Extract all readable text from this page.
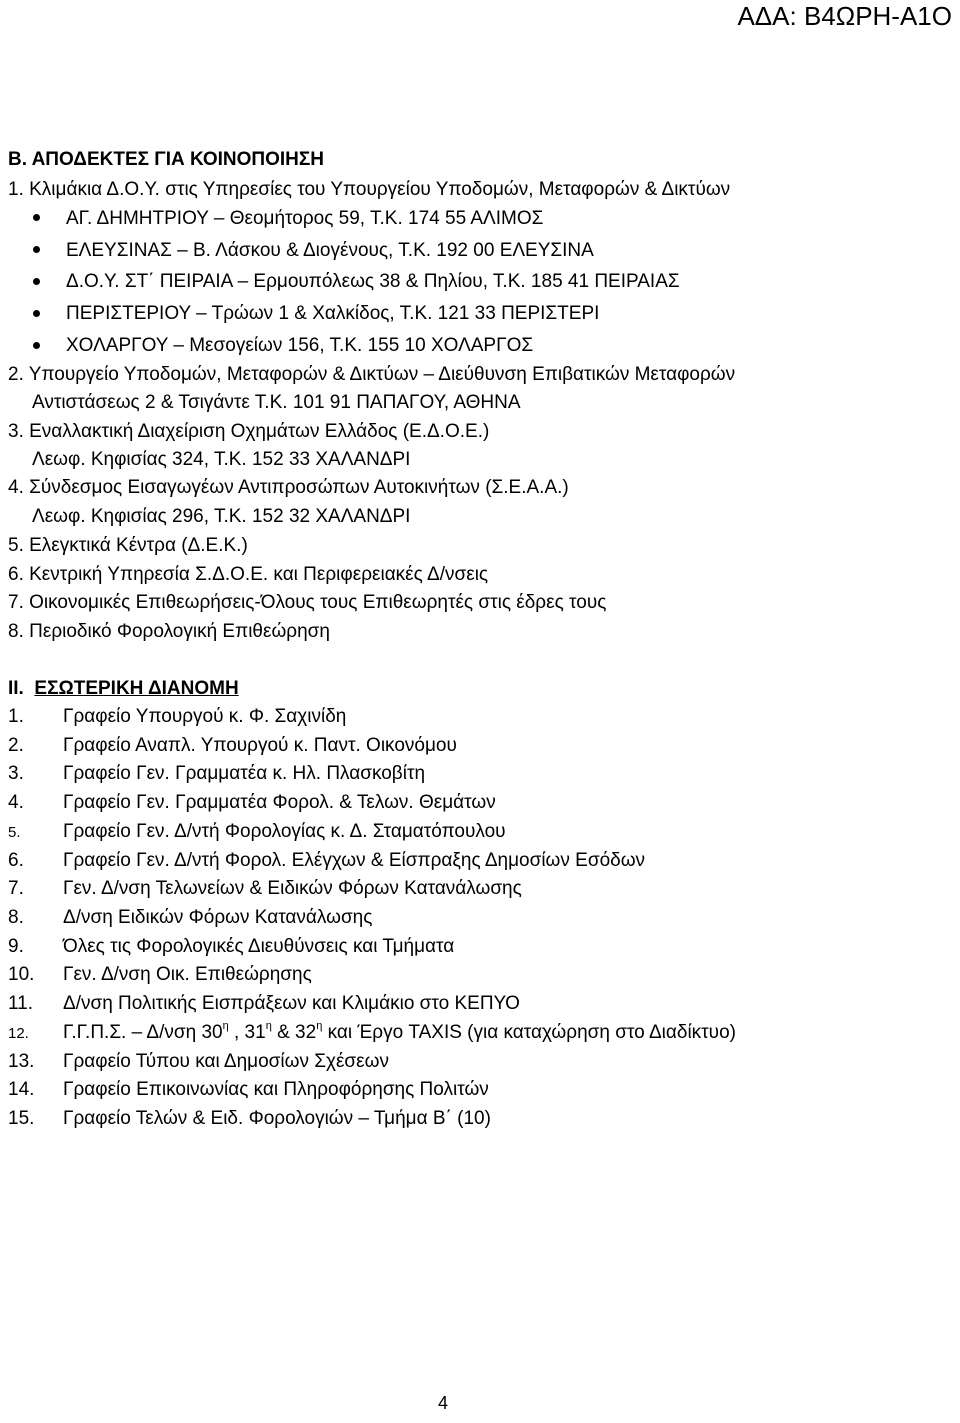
ΑΔΑ: Β4ΩΡΗ-Α1Ο
Β. ΑΠΟΔΕΚΤΕΣ ΓΙΑ ΚΟΙΝΟΠΟΙΗΣΗ
1. Κλιμάκια Δ.Ο.Υ. στις Υπηρεσίες του Υπουργείου Υποδομών, Μεταφορών & Δικτύων
ΑΓ. ΔΗΜΗΤΡΙΟΥ – Θεομήτορος 59, Τ.Κ. 174 55 ΑΛΙΜΟΣ
ΕΛΕΥΣΙΝΑΣ – Β. Λάσκου & Διογένους, Τ.Κ. 192 00 ΕΛΕΥΣΙΝΑ
Δ.Ο.Υ. ΣΤ΄ ΠΕΙΡΑΙΑ – Ερμουπόλεως 38 & Πηλίου, Τ.Κ. 185 41 ΠΕΙΡΑΙΑΣ
ΠΕΡΙΣΤΕΡΙΟΥ – Τρώων 1 & Χαλκίδος, Τ.Κ. 121 33 ΠΕΡΙΣΤΕΡΙ
ΧΟΛΑΡΓΟΥ – Μεσογείων 156, Τ.Κ. 155 10 ΧΟΛΑΡΓΟΣ
2. Υπουργείο Υποδομών, Μεταφορών & Δικτύων – Διεύθυνση Επιβατικών Μεταφορών
Αντιστάσεως 2 & Τσιγάντε Τ.Κ. 101 91 ΠΑΠΑΓΟΥ, ΑΘΗΝΑ
3. Εναλλακτική Διαχείριση Οχημάτων Ελλάδος (Ε.Δ.Ο.Ε.)
Λεωφ. Κηφισίας 324, Τ.Κ. 152 33 ΧΑΛΑΝΔΡΙ
4. Σύνδεσμος Εισαγωγέων Αντιπροσώπων Αυτοκινήτων (Σ.Ε.Α.Α.)
Λεωφ. Κηφισίας 296, Τ.Κ. 152 32 ΧΑΛΑΝΔΡΙ
5. Ελεγκτικά Κέντρα (Δ.Ε.Κ.)
6. Κεντρική Υπηρεσία Σ.Δ.Ο.Ε. και Περιφερειακές Δ/νσεις
7. Οικονομικές Επιθεωρήσεις-Όλους τους Επιθεωρητές στις έδρες τους
8. Περιοδικό Φορολογική Επιθεώρηση
ΙΙ. ΕΣΩΤΕΡΙΚΗ ΔΙΑΝΟΜΗ
1. Γραφείο Υπουργού κ. Φ. Σαχινίδη
2. Γραφείο Αναπλ. Υπουργού κ. Παντ. Οικονόμου
3. Γραφείο Γεν. Γραμματέα κ. Ηλ. Πλασκοβίτη
4. Γραφείο Γεν. Γραμματέα Φορολ. & Τελων. Θεμάτων
5. Γραφείο Γεν. Δ/ντή Φορολογίας κ. Δ. Σταματόπουλου
6. Γραφείο Γεν. Δ/ντή Φορολ. Ελέγχων & Είσπραξης Δημοσίων Εσόδων
7. Γεν. Δ/νση Τελωνείων & Ειδικών Φόρων Κατανάλωσης
8. Δ/νση Ειδικών Φόρων Κατανάλωσης
9. Όλες τις Φορολογικές Διευθύνσεις και Τμήματα
10. Γεν. Δ/νση Οικ. Επιθεώρησης
11. Δ/νση Πολιτικής Εισπράξεων και Κλιμάκιο στο ΚΕΠΥΟ
12. Γ.Γ.Π.Σ. – Δ/νση $30^\eta$ , $31^\eta$ & $32^\eta$ και Έργο TAXIS (για καταχώρηση στο Διαδίκτυο)
13. Γραφείο Τύπου και Δημοσίων Σχέσεων
14. Γραφείο Επικοινωνίας και Πληροφόρησης Πολιτών
15. Γραφείο Τελών & Ειδ. Φορολογιών – Τμήμα Β΄ (10)
4
